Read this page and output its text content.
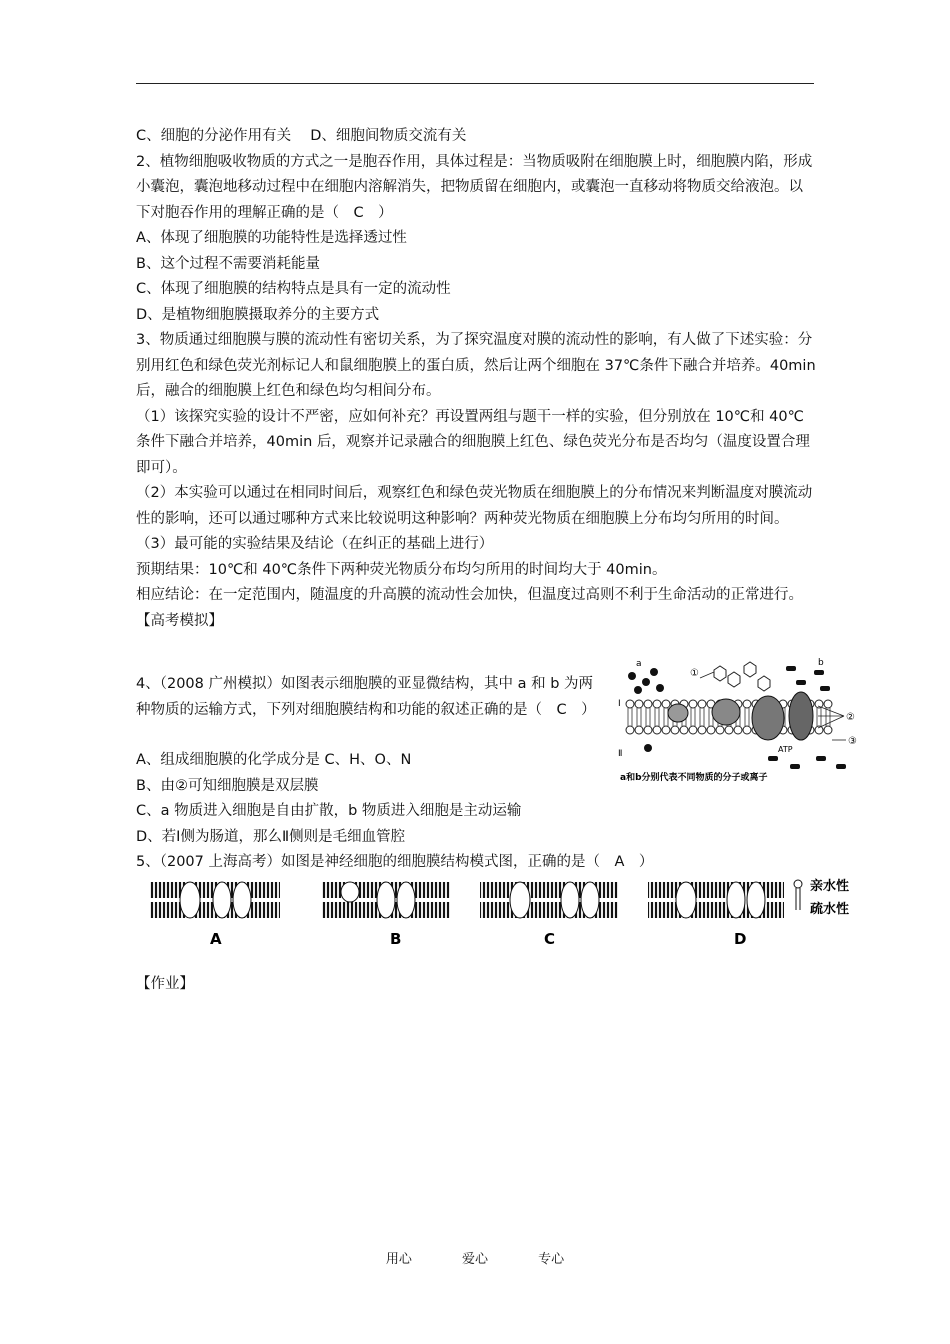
C、细胞的分泌作用有关　 D、细胞间物质交流有关

2、植物细胞吸收物质的方式之一是胞吞作用，具体过程是：当物质吸附在细胞膜上时，细胞膜内陷，形成小囊泡，囊泡地移动过程中在细胞内溶解消失，把物质留在细胞内，或囊泡一直移动将物质交给液泡。以下对胞吞作用的理解正确的是（　C　）

A、体现了细胞膜的功能特性是选择透过性

B、这个过程不需要消耗能量

C、体现了细胞膜的结构特点是具有一定的流动性

D、是植物细胞膜摄取养分的主要方式

3、物质通过细胞膜与膜的流动性有密切关系，为了探究温度对膜的流动性的影响，有人做了下述实验：分别用红色和绿色荧光剂标记人和鼠细胞膜上的蛋白质，然后让两个细胞在 37℃条件下融合并培养。40min 后，融合的细胞膜上红色和绿色均匀相间分布。

（1）该探究实验的设计不严密，应如何补充？再设置两组与题干一样的实验，但分别放在 10℃和 40℃条件下融合并培养，40min 后，观察并记录融合的细胞膜上红色、绿色荧光分布是否均匀（温度设置合理即可）。

（2）本实验可以通过在相同时间后，观察红色和绿色荧光物质在细胞膜上的分布情况来判断温度对膜流动性的影响，还可以通过哪种方式来比较说明这种影响？两种荧光物质在细胞膜上分布均匀所用的时间。

（3）最可能的实验结果及结论（在纠正的基础上进行）

预期结果：10℃和 40℃条件下两种荧光物质分布均匀所用的时间均大于 40min。

相应结论：在一定范围内，随温度的升高膜的流动性会加快，但温度过高则不利于生命活动的正常进行。

【高考模拟】

4、（2008 广州模拟）如图表示细胞膜的亚显微结构，其中 a 和 b 为两种物质的运输方式，下列对细胞膜结构和功能的叙述正确的是（　C　）

A、组成细胞膜的化学成分是 C、H、O、N

B、由②可知细胞膜是双层膜

C、a 物质进入细胞是自由扩散，b 物质进入细胞是主动运输

D、若Ⅰ侧为肠道，那么Ⅱ侧则是毛细血管腔

5、（2007 上海高考）如图是神经细胞的细胞膜结构模式图，正确的是（　A　）

a	b
①
②
③
Ⅰ
Ⅱ	ATP
a和b分别代表不同物质的分子或离子
亲水性
疏水性
A	B	C	D

【作业】

用心	爱心	专心
